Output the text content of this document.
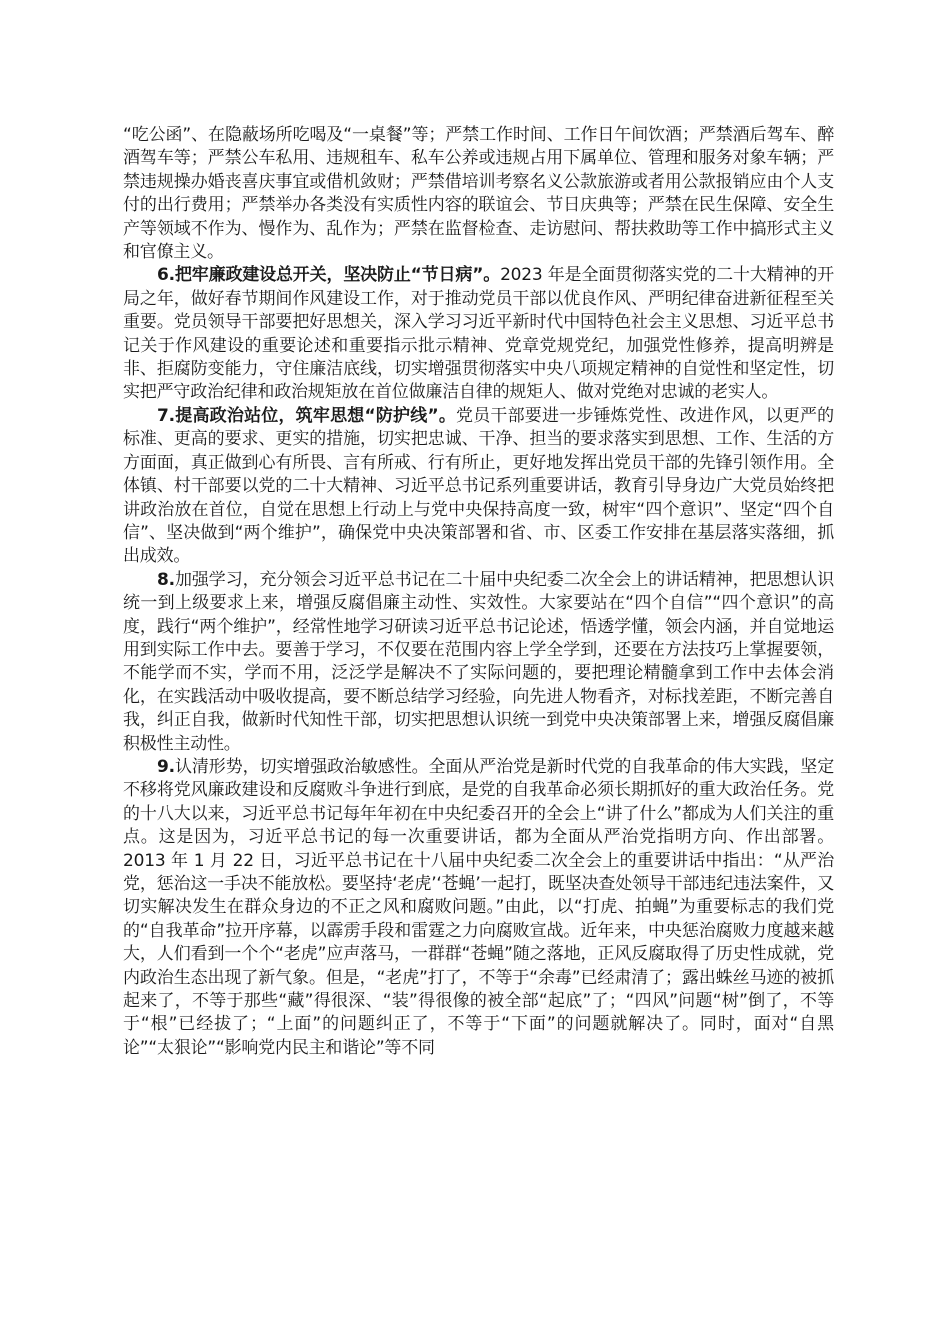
“吃公函”、在隐蔽场所吃喝及“一桌餐”等；严禁工作时间、工作日午间饮酒；严禁酒后驾车、醉酒驾车等；严禁公车私用、违规租车、私车公养或违规占用下属单位、管理和服务对象车辆；严禁违规操办婚丧喜庆事宜或借机敛财；严禁借培训考察名义公款旅游或者用公款报销应由个人支付的出行费用；严禁举办各类没有实质性内容的联谊会、节日庆典等；严禁在民生保障、安全生产等领域不作为、慢作为、乱作为；严禁在监督检查、走访慰问、帮扶救助等工作中搞形式主义和官僚主义。

6.把牢廉政建设总开关，坚决防止“节日病”。2023 年是全面贯彻落实党的二十大精神的开局之年，做好春节期间作风建设工作，对于推动党员干部以优良作风、严明纪律奋进新征程至关重要。党员领导干部要把好思想关，深入学习习近平新时代中国特色社会主义思想、习近平总书记关于作风建设的重要论述和重要指示批示精神、党章党规党纪，加强党性修养，提高明辨是非、拒腐防变能力，守住廉洁底线，切实增强贯彻落实中央八项规定精神的自觉性和坚定性，切实把严守政治纪律和政治规矩放在首位做廉洁自律的规矩人、做对党绝对忠诚的老实人。

7.提高政治站位，筑牢思想“防护线”。党员干部要进一步锤炼党性、改进作风，以更严的标准、更高的要求、更实的措施，切实把忠诚、干净、担当的要求落实到思想、工作、生活的方方面面，真正做到心有所畏、言有所戒、行有所止，更好地发挥出党员干部的先锋引领作用。全体镇、村干部要以党的二十大精神、习近平总书记系列重要讲话，教育引导身边广大党员始终把讲政治放在首位，自觉在思想上行动上与党中央保持高度一致，树牢“四个意识”、坚定“四个自信”、坚决做到“两个维护”，确保党中央决策部署和省、市、区委工作安排在基层落实落细，抓出成效。

8.加强学习，充分领会习近平总书记在二十届中央纪委二次全会上的讲话精神，把思想认识统一到上级要求上来，增强反腐倡廉主动性、实效性。大家要站在“四个自信”“四个意识”的高度，践行“两个维护”，经常性地学习研读习近平总书记论述，悟透学懂，领会内涵，并自觉地运用到实际工作中去。要善于学习，不仅要在范围内容上学全学到，还要在方法技巧上掌握要领，不能学而不实，学而不用，泛泛学是解决不了实际问题的，要把理论精髓拿到工作中去体会消化，在实践活动中吸收提高，要不断总结学习经验，向先进人物看齐，对标找差距，不断完善自我，纠正自我，做新时代知性干部，切实把思想认识统一到党中央决策部署上来，增强反腐倡廉积极性主动性。

9.认清形势，切实增强政治敏感性。全面从严治党是新时代党的自我革命的伟大实践，坚定不移将党风廉政建设和反腐败斗争进行到底，是党的自我革命必须长期抓好的重大政治任务。党的十八大以来，习近平总书记每年年初在中央纪委召开的全会上“讲了什么”都成为人们关注的重点。这是因为，习近平总书记的每一次重要讲话，都为全面从严治党指明方向、作出部署。2013 年 1 月 22 日，习近平总书记在十八届中央纪委二次全会上的重要讲话中指出：“从严治党，惩治这一手决不能放松。要坚持‘老虎’‘苍蝇’一起打，既坚决查处领导干部违纪违法案件，又切实解决发生在群众身边的不正之风和腐败问题。”由此，以“打虎、拍蝇”为重要标志的我们党的“自我革命”拉开序幕，以霹雳手段和雷霆之力向腐败宣战。近年来，中央惩治腐败力度越来越大，人们看到一个个“老虎”应声落马，一群群“苍蝇”随之落地，正风反腐取得了历史性成就，党内政治生态出现了新气象。但是，“老虎”打了，不等于“余毒”已经肃清了；露出蛛丝马迹的被抓起来了，不等于那些“藏”得很深、“装”得很像的被全部“起底”了；“四风”问题“树”倒了，不等于“根”已经拔了；“上面”的问题纠正了，不等于“下面”的问题就解决了。同时，面对“自黑论”“太狠论”“影响党内民主和谐论”等不同
